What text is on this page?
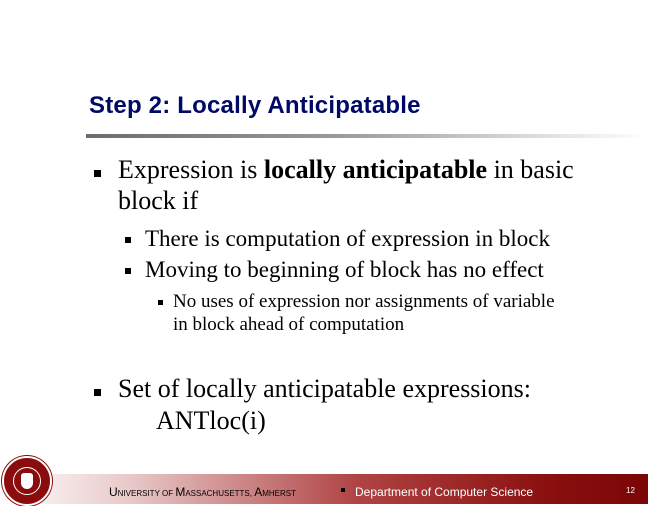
Step 2: Locally Anticipatable
Expression is locally anticipatable in basic
block if
There is computation of expression in block
Moving to beginning of block has no effect
No uses of expression nor assignments of variable
in block ahead of computation
Set of locally anticipatable expressions:
ANTloc(i)
UNIVERSITY OF MASSACHUSETTS, AMHERST	Department of Computer Science	12
